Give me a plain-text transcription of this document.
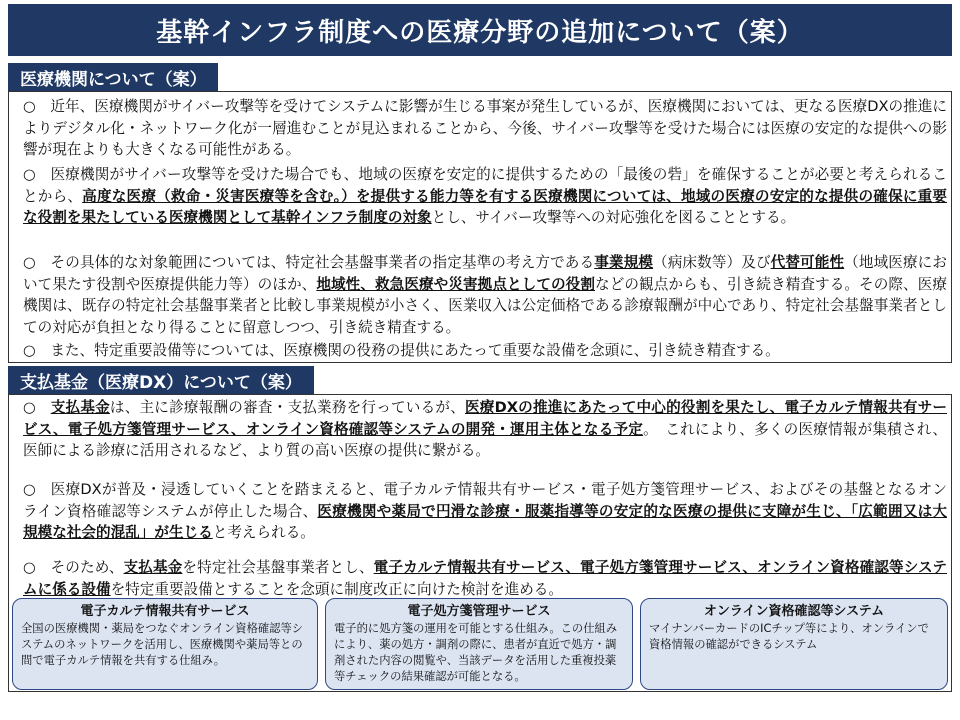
基幹インフラ制度への医療分野の追加について（案）
医療機関について（案）
○　近年、医療機関がサイバー攻撃等を受けてシステムに影響が生じる事案が発生しているが、医療機関においては、更なる医療DXの推進によりデジタル化・ネットワーク化が一層進むことが見込まれることから、今後、サイバー攻撃等を受けた場合には医療の安定的な提供への影響が現在よりも大きくなる可能性がある。
○　医療機関がサイバー攻撃等を受けた場合でも、地域の医療を安定的に提供するための「最後の砦」を確保することが必要と考えられることから、高度な医療（救命・災害医療等を含む。）を提供する能力等を有する医療機関については、地域の医療の安定的な提供の確保に重要な役割を果たしている医療機関として基幹インフラ制度の対象とし、サイバー攻撃等への対応強化を図ることとする。
○　その具体的な対象範囲については、特定社会基盤事業者の指定基準の考え方である事業規模（病床数等）及び代替可能性（地域医療において果たす役割や医療提供能力等）のほか、地域性、救急医療や災害拠点としての役割などの観点からも、引き続き精査する。その際、医療機関は、既存の特定社会基盤事業者と比較し事業規模が小さく、医業収入は公定価格である診療報酬が中心であり、特定社会基盤事業者としての対応が負担となり得ることに留意しつつ、引き続き精査する。
○　また、特定重要設備等については、医療機関の役務の提供にあたって重要な設備を念頭に、引き続き精査する。
支払基金（医療DX）について（案）
○　支払基金は、主に診療報酬の審査・支払業務を行っているが、医療DXの推進にあたって中心的役割を果たし、電子カルテ情報共有サービス、電子処方箋管理サービス、オンライン資格確認等システムの開発・運用主体となる予定。　これにより、多くの医療情報が集積され、医師による診療に活用されるなど、より質の高い医療の提供に繋がる。
○　医療DXが普及・浸透していくことを踏まえると、電子カルテ情報共有サービス・電子処方箋管理サービス、およびその基盤となるオンライン資格確認等システムが停止した場合、医療機関や薬局で円滑な診療・服薬指導等の安定的な医療の提供に支障が生じ、「広範囲又は大規模な社会的混乱」が生じると考えられる。
○　そのため、支払基金を特定社会基盤事業者とし、電子カルテ情報共有サービス、電子処方箋管理サービス、オンライン資格確認等システムに係る設備を特定重要設備とすることを念頭に制度改正に向けた検討を進める。
電子カルテ情報共有サービス
全国の医療機関・薬局をつなぐオンライン資格確認等システムのネットワークを活用し、医療機関や薬局等との間で電子カルテ情報を共有する仕組み。
電子処方箋管理サービス
電子的に処方箋の運用を可能とする仕組み。この仕組みにより、薬の処方・調剤の際に、患者が直近で処方・調剤された内容の閲覧や、当該データを活用した重複投薬等チェックの結果確認が可能となる。
オンライン資格確認等システム
マイナンバーカードのICチップ等により、オンラインで資格情報の確認ができるシステム
